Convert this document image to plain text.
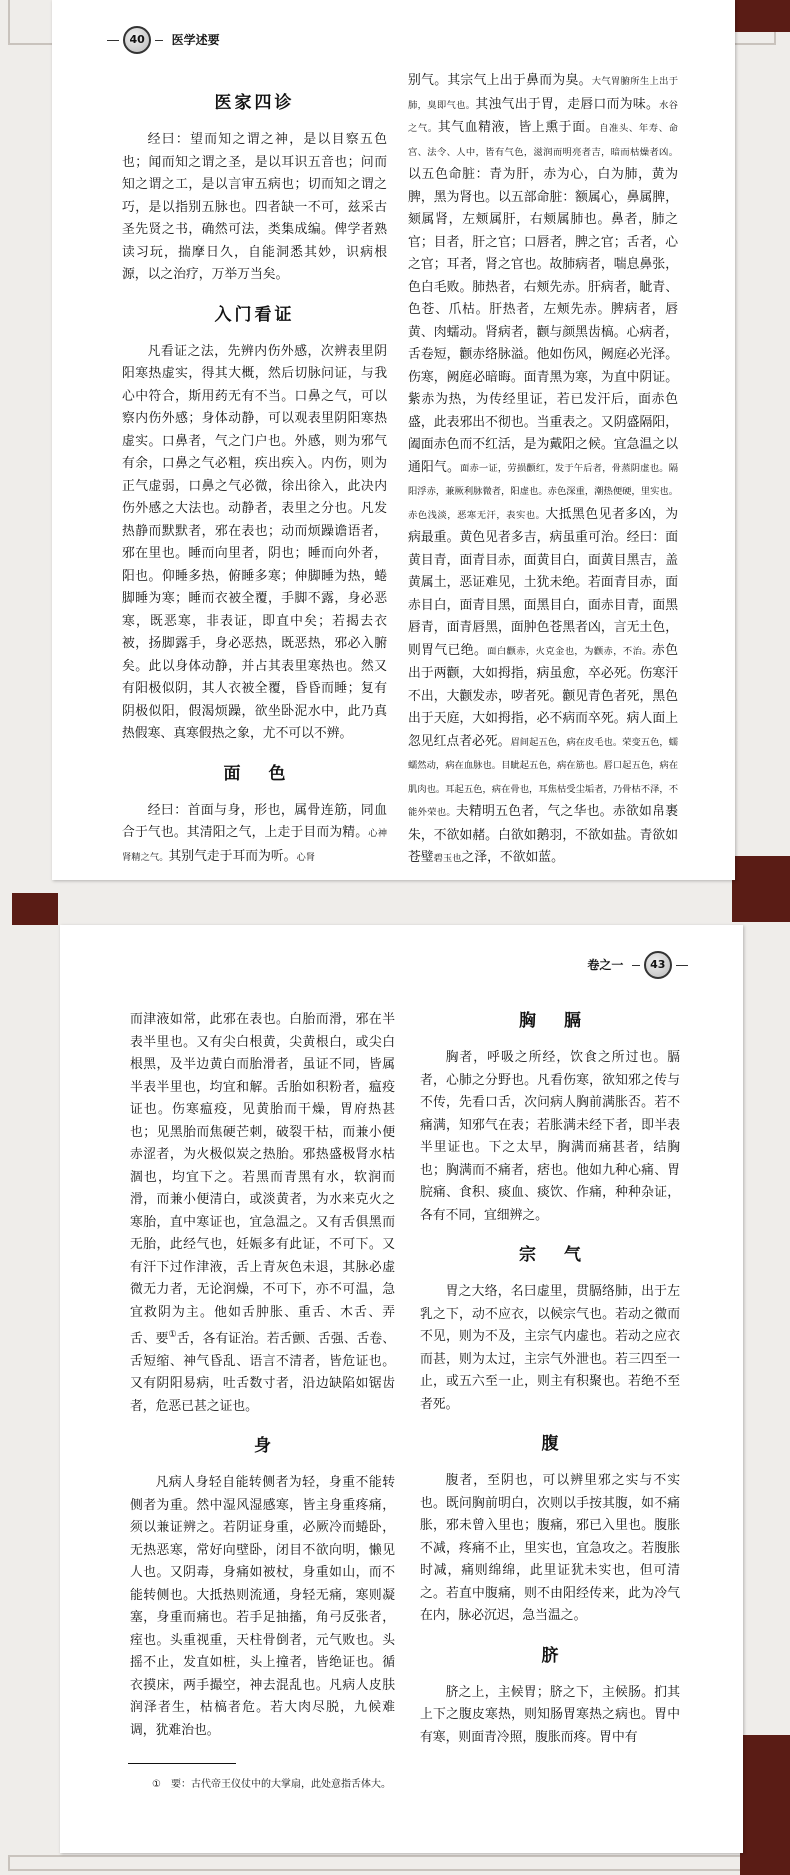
40 医学述要
医家四诊

经曰：望而知之谓之神，是以目察五色也；闻而知之谓之圣，是以耳识五音也；问而知之谓之工，是以言审五病也；切而知之谓之巧，是以指别五脉也。四者缺一不可，兹采古圣先贤之书，确然可法，类集成编。俾学者熟读习玩，揣摩日久，自能洞悉其妙，识病根源，以之治疗，万举万当矣。

入门看证

凡看证之法，先辨内伤外感，次辨表里阴阳寒热虚实，得其大概，然后切脉问证，与我心中符合，斯用药无有不当。口鼻之气，可以察内伤外感；身体动静，可以观表里阴阳寒热虚实。口鼻者，气之门户也。外感，则为邪气有余，口鼻之气必粗，疾出疾入。内伤，则为正气虚弱，口鼻之气必微，徐出徐入，此决内伤外感之大法也。动静者，表里之分也。凡发热静而默默者，邪在表也；动而烦躁谵语者，邪在里也。睡而向里者，阴也；睡而向外者，阳也。仰睡多热，俯睡多寒；伸脚睡为热，蜷脚睡为寒；睡而衣被全覆，手脚不露，身必恶寒，既恶寒，非表证，即直中矣；若揭去衣被，扬脚露手，身必恶热，既恶热，邪必入腑矣。此以身体动静，并占其表里寒热也。然又有阳极似阴，其人衣被全覆，昏昏而睡；复有阴极似阳，假渴烦躁，欲坐卧泥水中，此乃真热假寒、真寒假热之象，尤不可以不辨。

面色

经曰：首面与身，形也，属骨连筋，同血合于气也。其清阳之气，上走于目而为精。心神肾精之气。其别气走于耳而为听。心肾

别气。其宗气上出于鼻而为臭。大气胃腑所生上出于肺，臭即气也。其浊气出于胃，走唇口而为味。水谷之气。其气血精液，皆上熏于面。自准头、年寿、命宫、法令、人中，皆有气色，滋润而明亮者吉，暗而枯燥者凶。以五色命脏：青为肝，赤为心，白为肺，黄为脾，黑为肾也。以五部命脏：额属心，鼻属脾，颏属肾，左颊属肝，右颊属肺也。鼻者，肺之官；目者，肝之官；口唇者，脾之官；舌者，心之官；耳者，肾之官也。故肺病者，喘息鼻张，色白毛败。肺热者，右颊先赤。肝病者，眦青、色苍、爪枯。肝热者，左颊先赤。脾病者，唇黄、肉蠕动。肾病者，颧与颜黑齿槁。心病者，舌卷短，颧赤络脉溢。他如伤风，阙庭必光泽。伤寒，阙庭必暗晦。面青黑为寒，为直中阴证。紫赤为热，为传经里证，若已发汗后，面赤色盛，此表邪出不彻也。当重表之。又阴盛隔阳，阖面赤色而不红活，是为戴阳之候。宜急温之以通阳气。面赤一证，劳损颧红，发于午后者，骨蒸阴虚也。隔阳浮赤，兼厥利脉微者，阳虚也。赤色深重，潮热便硬，里实也。赤色浅淡，恶寒无汗，表实也。大抵黑色见者多凶，为病最重。黄色见者多吉，病虽重可治。经曰：面黄目青，面青目赤，面黄目白，面黄目黑吉，盖黄属土，恶证难见，土犹未绝。若面青目赤，面赤目白，面青目黑，面黑目白，面赤目青，面黑唇青，面青唇黑，面肿色苍黑者凶，言无土色，则胃气已绝。面白颧赤，火克金也，为颧赤，不治。赤色出于两颧，大如拇指，病虽愈，卒必死。伤寒汗不出，大颧发赤，哕者死。颧见青色者死，黑色出于天庭，大如拇指，必不病而卒死。病人面上忽见红点者必死。眉间起五色，病在皮毛也。荣变五色，蠕蠕然动，病在血脉也。目眦起五色，病在筋也。唇口起五色，病在肌肉也。耳起五色，病在骨也，耳焦枯受尘垢者，乃骨枯不泽，不能外荣也。夫精明五色者，气之华也。赤欲如帛裹朱，不欲如赭。白欲如鹅羽，不欲如盐。青欲如苍璧碧玉也之泽，不欲如蓝。

卷之一 43

而津液如常，此邪在表也。白胎而滑，邪在半表半里也。又有尖白根黄，尖黄根白，或尖白根黑，及半边黄白而胎滑者，虽证不同，皆属半表半里也，均宜和解。舌胎如积粉者，瘟疫证也。伤寒瘟疫，见黄胎而干燥，胃府热甚也；见黑胎而焦硬芒刺，破裂干枯，而兼小便赤涩者，为火极似炭之热胎。邪热盛极肾水枯涸也，均宜下之。若黑而青黑有水，软润而滑，而兼小便清白，或淡黄者，为水来克火之寒胎，直中寒证也，宜急温之。又有舌俱黑而无胎，此经气也，妊娠多有此证，不可下。又有汗下过作津液，舌上青灰色未退，其脉必虚微无力者，无论润燥，不可下，亦不可温，急宜救阴为主。他如舌肿胀、重舌、木舌、弄舌、要①舌，各有证治。若舌颤、舌强、舌卷、舌短缩、神气昏乱、语言不清者，皆危证也。又有阴阳易病，吐舌数寸者，沿边缺陷如锯齿者，危恶已甚之证也。

身

凡病人身轻自能转侧者为轻，身重不能转侧者为重。然中湿风湿感寒，皆主身重疼痛，须以兼证辨之。若阴证身重，必厥冷而蜷卧，无热恶寒，常好向壁卧，闭目不欲向明，懒见人也。又阴毒，身痛如被杖，身重如山，而不能转侧也。大抵热则流通，身轻无痛，寒则凝塞，身重而痛也。若手足抽搐，角弓反张者，痓也。头重视重，天柱骨倒者，元气败也。头摇不止，发直如桩，头上撞者，皆绝证也。循衣摸床，两手撮空，神去混乱也。凡病人皮肤润泽者生，枯槁者危。若大肉尽脱，九候难调，犹难治也。

胸膈

胸者，呼吸之所经，饮食之所过也。膈者，心肺之分野也。凡看伤寒，欲知邪之传与不传，先看口舌，次问病人胸前满胀否。若不痛满，知邪气在表；若胀满未经下者，即半表半里证也。下之太早，胸满而痛甚者，结胸也；胸满而不痛者，痞也。他如九种心痛、胃脘痛、食积、痰血、痰饮、作痛，种种杂证，各有不同，宜细辨之。

宗气

胃之大络，名曰虚里，贯膈络肺，出于左乳之下，动不应衣，以候宗气也。若动之微而不见，则为不及，主宗气内虚也。若动之应衣而甚，则为太过，主宗气外泄也。若三四至一止，或五六至一止，则主有积聚也。若绝不至者死。

腹

腹者，至阴也，可以辨里邪之实与不实也。既问胸前明白，次则以手按其腹，如不痛胀，邪未曾入里也；腹痛，邪已入里也。腹胀不减，疼痛不止，里实也，宜急攻之。若腹胀时减，痛则绵绵，此里证犹未实也，但可清之。若直中腹痛，则不由阳经传来，此为冷气在内，脉必沉迟，急当温之。

脐

脐之上，主候胃；脐之下，主候肠。扪其上下之腹皮寒热，则知肠胃寒热之病也。胃中有寒，则面青冷照，腹胀而疼。胃中有

①　要：古代帝王仪仗中的大掌扇，此处意指舌体大。
